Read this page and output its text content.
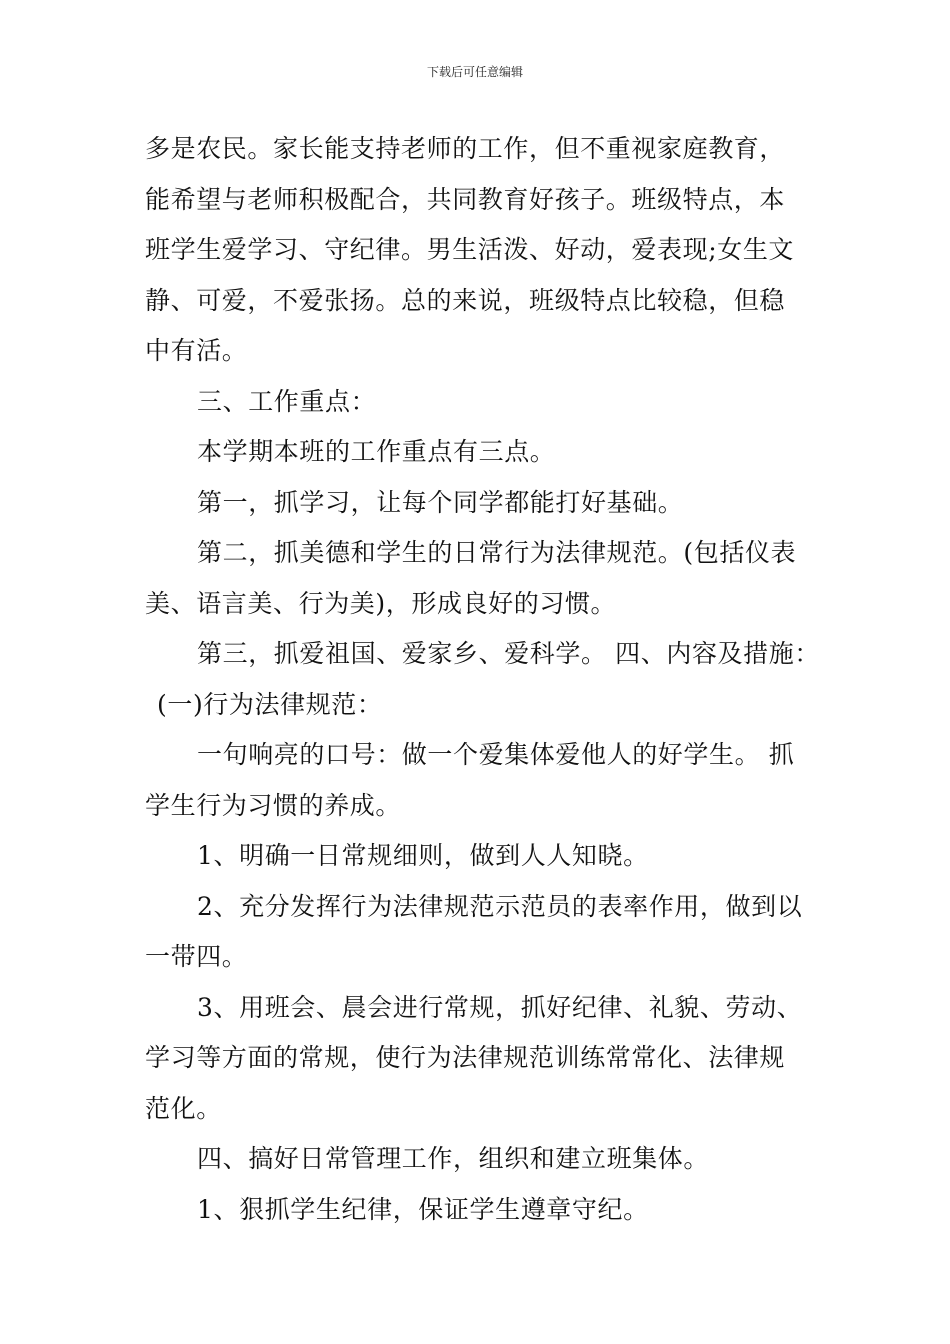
下载后可任意编辑

多是农民。家长能支持老师的工作，但不重视家庭教育，
能希望与老师积极配合，共同教育好孩子。班级特点，本
班学生爱学习、守纪律。男生活泼、好动，爱表现;女生文
静、可爱，不爱张扬。总的来说，班级特点比较稳，但稳
中有活。

三、工作重点：

本学期本班的工作重点有三点。

第一，抓学习，让每个同学都能打好基础。

第二，抓美德和学生的日常行为法律规范。(包括仪表
美、语言美、行为美)，形成良好的习惯。

第三，抓爱祖国、爱家乡、爱科学。 四、内容及措施：
(一)行为法律规范：

一句响亮的口号：做一个爱集体爱他人的好学生。 抓
学生行为习惯的养成。

1、明确一日常规细则，做到人人知晓。

2、充分发挥行为法律规范示范员的表率作用，做到以
一带四。

3、用班会、晨会进行常规，抓好纪律、礼貌、劳动、
学习等方面的常规，使行为法律规范训练常常化、法律规
范化。

四、搞好日常管理工作，组织和建立班集体。

1、狠抓学生纪律，保证学生遵章守纪。
